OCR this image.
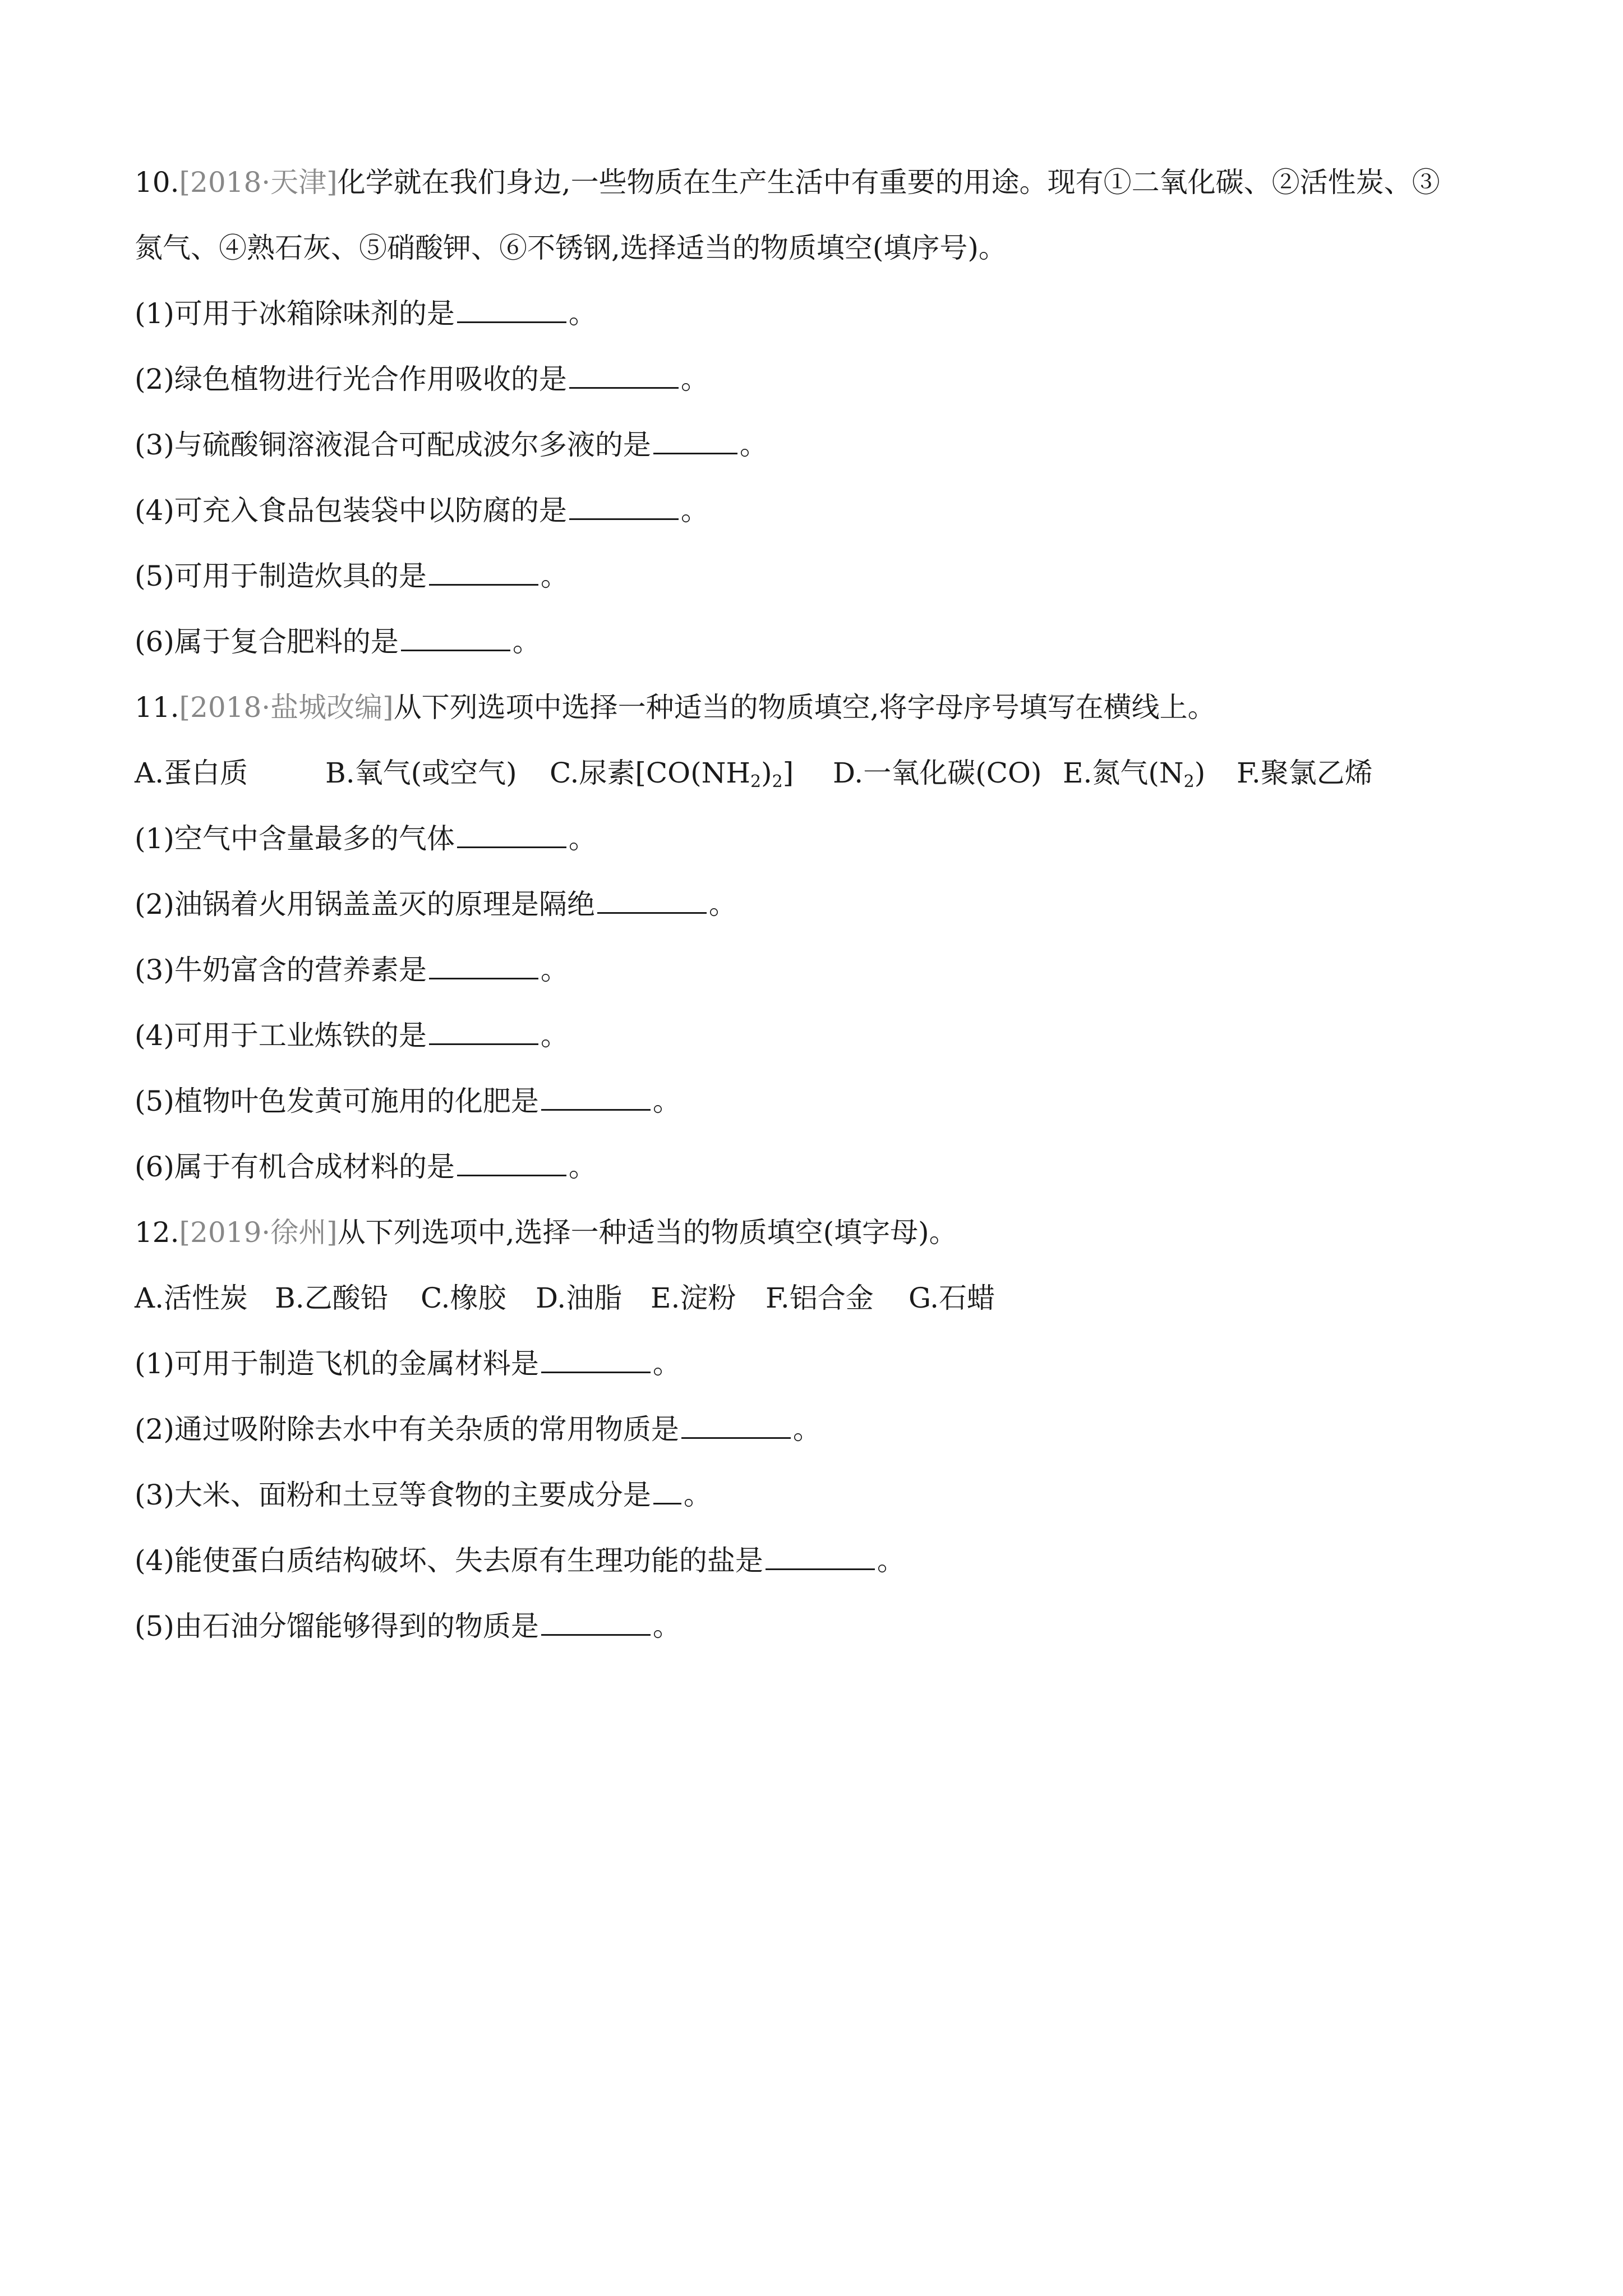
10.[2018·天津]化学就在我们身边,一些物质在生产生活中有重要的用途。现有①二氧化碳、②活性炭、③

氮气、④熟石灰、⑤硝酸钾、⑥不锈钢,选择适当的物质填空(填序号)。

(1)可用于冰箱除味剂的是	。

(2)绿色植物进行光合作用吸收的是	。

(3)与硫酸铜溶液混合可配成波尔多液的是	。

(4)可充入食品包装袋中以防腐的是	。

(5)可用于制造炊具的是	。

(6)属于复合肥料的是	。

11.[2018·盐城改编]从下列选项中选择一种适当的物质填空,将字母序号填写在横线上。

A.蛋白质	B.氧气(或空气) C.尿素$[CO(NH_2)_2]$ D.一氧化碳(CO) E.氮气$(N_2)$ F.聚氯乙烯

(1)空气中含量最多的气体	。

(2)油锅着火用锅盖盖灭的原理是隔绝	。

(3)牛奶富含的营养素是	。

(4)可用于工业炼铁的是	。

(5)植物叶色发黄可施用的化肥是	。

(6)属于有机合成材料的是	。

12.[2019·徐州]从下列选项中,选择一种适当的物质填空(填字母)。

A.活性炭 B.乙酸铅 C.橡胶 D.油脂 E.淀粉 F.铝合金 G.石蜡

(1)可用于制造飞机的金属材料是	。

(2)通过吸附除去水中有关杂质的常用物质是	。

(3)大米、面粉和土豆等食物的主要成分是 。

(4)能使蛋白质结构破坏、失去原有生理功能的盐是	。

(5)由石油分馏能够得到的物质是	。
